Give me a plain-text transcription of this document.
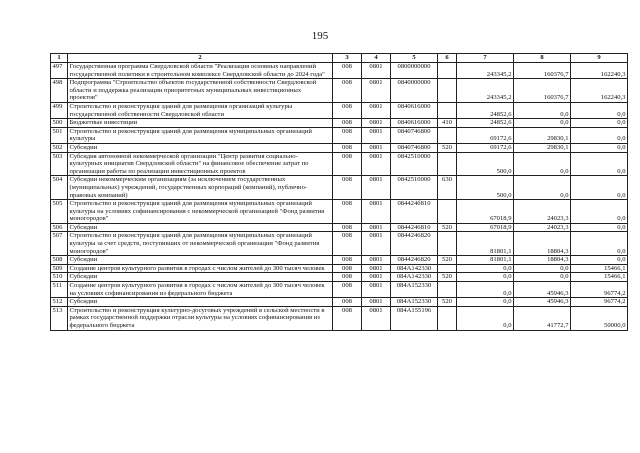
195
1	2	3	4	5	6	7	8	9
497	Государственная программа Свердловской области "Реализация основных направлений государственной политики в строительном комплексе Свердловской области до 2024 года"	008	0801	0800000000		243345,2	160376,7	162240,3
498	Подпрограмма "Строительство объектов государственной собственности Свердловской области и поддержка реализации приоритетных муниципальных инвестиционных проектов"	008	0801	0840000000		243345,2	160376,7	162240,3
499	Строительство и реконструкция зданий для размещения организаций культуры государственной собственности Свердловской области	008	0801	0840616000		24852,6	0,0	0,0
500	Бюджетные инвестиции	008	0801	0840616000	410	24852,6	0,0	0,0
501	Строительство и реконструкция зданий для размещения муниципальных организаций культуры	008	0801	0840746800		69172,6	29830,1	0,0
502	Субсидии	008	0801	0840746800	520	69172,6	29830,1	0,0
503	Субсидия автономной некоммерческой организации "Центр развития социально-культурных инициатив Свердловской области" на финансовое обеспечение затрат по организации работы по реализации инвестиционных проектов	008	0801	0842510000		500,0	0,0	0,0
504	Субсидии некоммерческим организациям (за исключением государственных (муниципальных) учреждений, государственных корпораций (компаний), публично-правовых компаний)	008	0801	0842510000	630	500,0	0,0	0,0
505	Строительство и реконструкция зданий для размещения муниципальных организаций культуры на условиях софинансирования с некоммерческой организацией "Фонд развития моногородов"	008	0801	084424б810		67018,9	24023,3	0,0
506	Субсидии	008	0801	0844246810	520	67018,9	24023,3	0,0
507	Строительство и реконструкция зданий для размещения муниципальных организаций культуры за счет средств, поступивших от некоммерческой организации "Фонд развития моногородов"	008	0801	0844246820		81801,1	18804,3	0,0
508	Субсидии	008	0801	0844246820	520	81801,1	18804,3	0,0
509	Создание центров культурного развития в городах с числом жителей до 300 тысяч человек	008	0801	084A142330		0,0	0,0	15466,1
510	Субсидии	008	0801	084A142330	520	0,0	0,0	15466,1
511	Создание центров культурного развития в городах с числом жителей до 300 тысяч человек на условиях софинансирования из федерального бюджета	008	0801	084A152330		0,0	45946,3	96774,2
512	Субсидии	008	0801	084A152330	520	0,0	45946,3	96774,2
513	Строительство и реконструкция культурно-досуговых учреждений в сельской местности в рамках государственной поддержки отрасли культуры на условиях софинансирования из федерального бюджета	008	0801	084A155196		0,0	41772,7	50000,0
